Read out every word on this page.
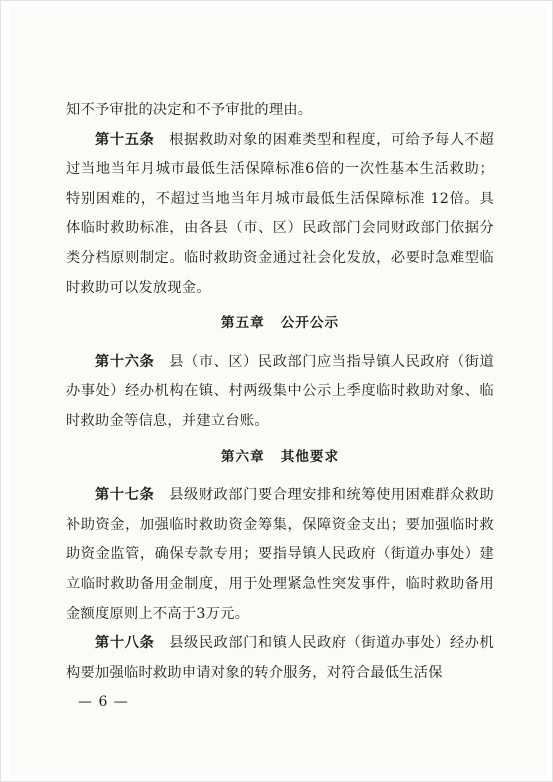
知不予审批的决定和不予审批的理由。

第十五条　 根据救助对象的困难类型和程度，可给予每人不超过当地当年月城市最低生活保障标准6倍的一次性基本生活救助；特别困难的，不超过当地当年月城市最低生活保障标准 12倍。具体临时救助标准，由各县（市、区）民政部门会同财政部门依据分类分档原则制定。临时救助资金通过社会化发放，必要时急难型临时救助可以发放现金。

第五章 公开公示

第十六条　 县（市、区）民政部门应当指导镇人民政府（街道办事处）经办机构在镇、村两级集中公示上季度临时救助对象、临时救助金等信息，并建立台账。

第六章 其他要求

第十七条　 县级财政部门要合理安排和统筹使用困难群众救助补助资金，加强临时救助资金筹集，保障资金支出；要加强临时救助资金监管，确保专款专用；要指导镇人民政府（街道办事处）建立临时救助备用金制度，用于处理紧急性突发事件，临时救助备用金额度原则上不高于3万元。

第十八条　 县级民政部门和镇人民政府（街道办事处）经办机构要加强临时救助申请对象的转介服务，对符合最低生活保

— 6 —
